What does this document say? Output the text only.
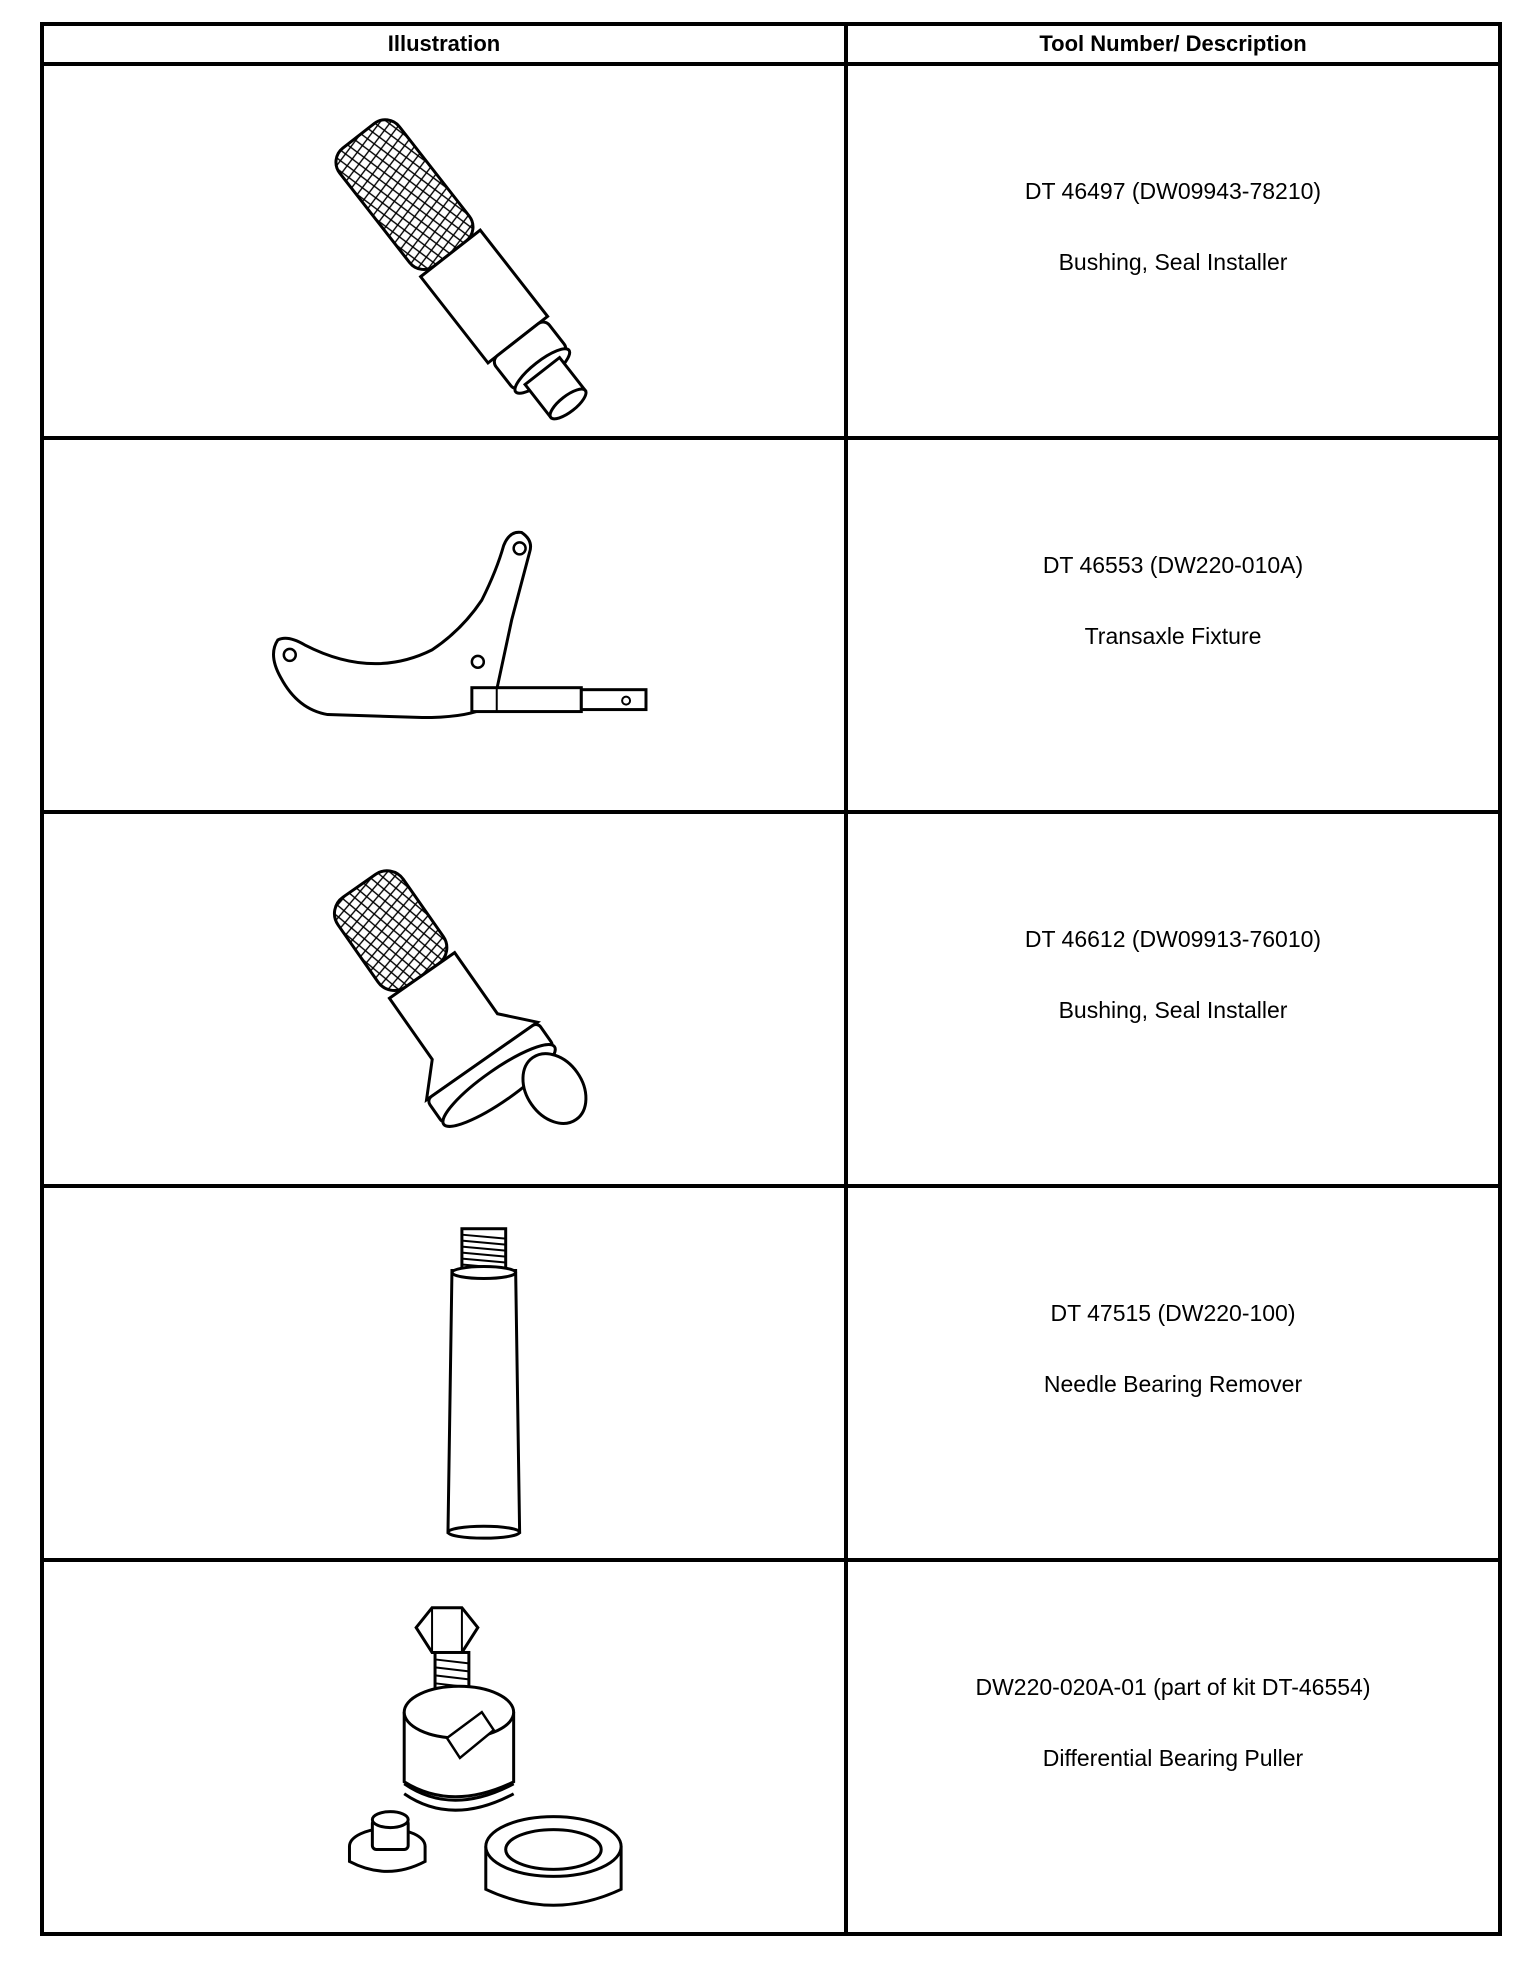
Illustration	Tool Number/ Description

DT 46497 (DW09943-78210)
Bushing, Seal Installer

DT 46553 (DW220-010A)
Transaxle Fixture

DT 46612 (DW09913-76010)
Bushing, Seal Installer

DT 47515 (DW220-100)
Needle Bearing Remover

DW220-020A-01 (part of kit DT-46554)
Differential Bearing Puller
